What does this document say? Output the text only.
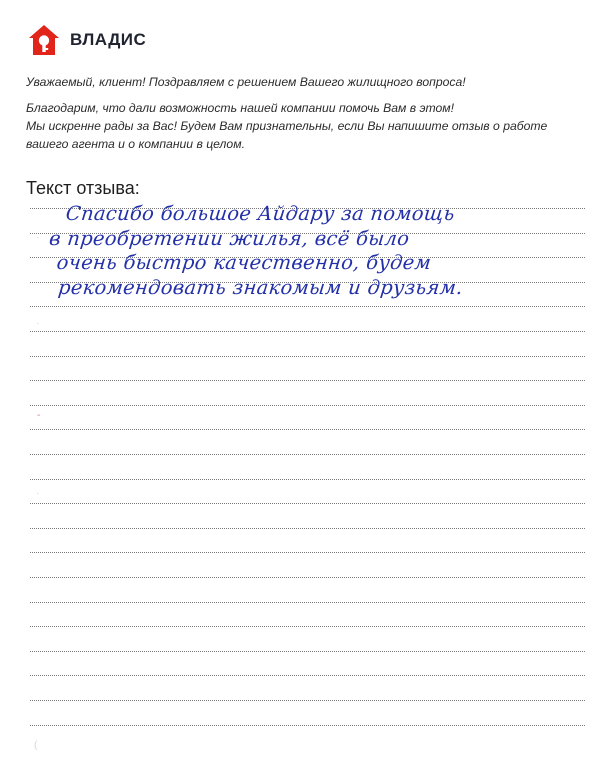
ВЛАДИС

Уважаемый, клиент! Поздравляем с решением Вашего жилищного вопроса!

Благодарим, что дали возможность нашей компании помочь Вам в этом!

Мы искренне рады за Вас! Будем Вам признательны, если Вы напишите отзыв о работе

вашего агента и о компании в целом.

Текст отзыва:
Спасибо большое Айдару за помощь
в преобретении жилья, всё было
очень быстро качественно, будем
рекомендовать знакомым и друзьям.
·
·
-
·
(
